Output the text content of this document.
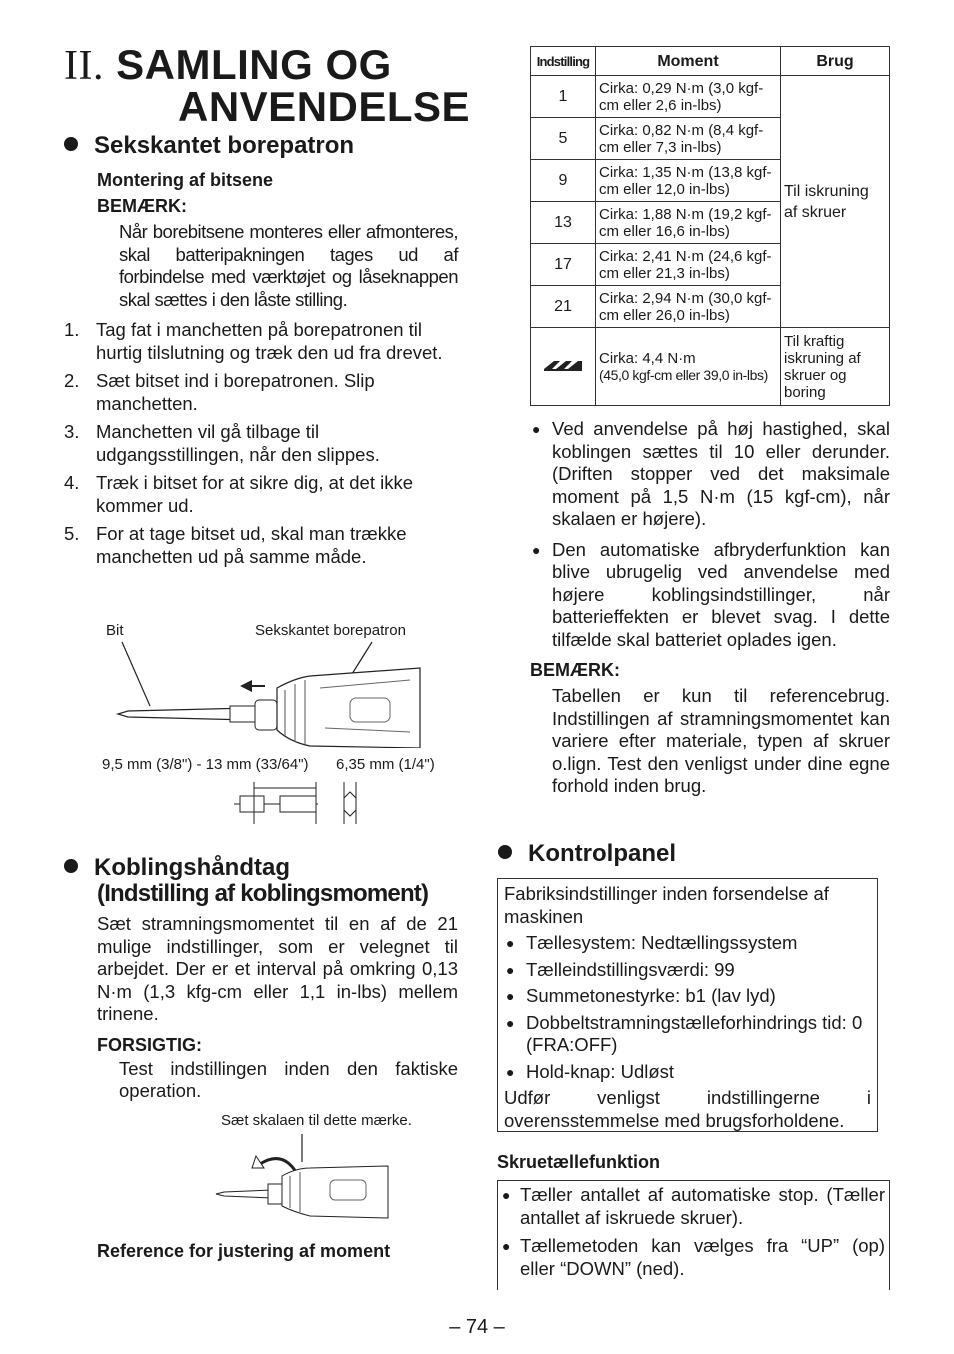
II. SAMLING OG
ANVENDELSE
Sekskantet borepatron
Montering af bitsene
BEMÆRK:
Når borebitsene monteres eller afmonteres, skal batteripakningen tages ud af forbindelse med værktøjet og låseknappen skal sættes i den låste stilling.
1. Tag fat i manchetten på borepatronen til hurtig tilslutning og træk den ud fra drevet.
2. Sæt bitset ind i borepatronen. Slip manchetten.
3. Manchetten vil gå tilbage til udgangsstillingen, når den slippes.
4. Træk i bitset for at sikre dig, at det ikke kommer ud.
5. For at tage bitset ud, skal man trække manchetten ud på samme måde.
Bit	Sekskantet borepatron
9,5 mm (3/8") - 13 mm (33/64") 6,35 mm (1/4")
Koblingshåndtag
(Indstilling af koblingsmoment)
Sæt stramningsmomentet til en af de 21 mulige indstillinger, som er velegnet til arbejdet. Der er et interval på omkring 0,13 N·m (1,3 kfg-cm eller 1,1 in-lbs) mellem trinene.
FORSIGTIG:
Test indstillingen inden den faktiske operation.
Sæt skalaen til dette mærke.
Reference for justering af moment
Indstilling	Moment	Brug
1	Cirka: 0,29 N·m (3,0 kgf-cm eller 2,6 in-lbs)	Til iskruning af skruer
5	Cirka: 0,82 N·m (8,4 kgf-cm eller 7,3 in-lbs)	
9	Cirka: 1,35 N·m (13,8 kgf-cm eller 12,0 in-lbs)	
13	Cirka: 1,88 N·m (19,2 kgf-cm eller 16,6 in-lbs)	
17	Cirka: 2,41 N·m (24,6 kgf-cm eller 21,3 in-lbs)	
21	Cirka: 2,94 N·m (30,0 kgf-cm eller 26,0 in-lbs)	

Cirka: 4,4 N·m
(45,0 kgf-cm eller 39,0 in-lbs)	Til kraftig iskruning af skruer og boring
● Ved anvendelse på høj hastighed, skal koblingen sættes til 10 eller derunder. (Driften stopper ved det maksimale moment på 1,5 N·m (15 kgf-cm), når skalaen er højere).
● Den automatiske afbryderfunktion kan blive ubrugelig ved anvendelse med højere koblingsindstillinger, når batterieffekten er blevet svag. I dette tilfælde skal batteriet oplades igen.
BEMÆRK:
Tabellen er kun til referencebrug. Indstillingen af stramningsmomentet kan variere efter materiale, typen af skruer o.lign. Test den venligst under dine egne forhold inden brug.
Kontrolpanel
Fabriksindstillinger inden forsendelse af maskinen
● Tællesystem: Nedtællingssystem
● Tælleindstillingsværdi: 99
● Summetonestyrke: b1 (lav lyd)
● Dobbeltstramningstælleforhindrings tid: 0 (FRA:OFF)
● Hold-knap: Udløst
Udfør venligst indstillingerne i overensstemmelse med brugsforholdene.
Skruetællefunktion
● Tæller antallet af automatiske stop. (Tæller antallet af iskruede skruer).
● Tællemetoden kan vælges fra “UP” (op) eller “DOWN” (ned).
– 74 –
